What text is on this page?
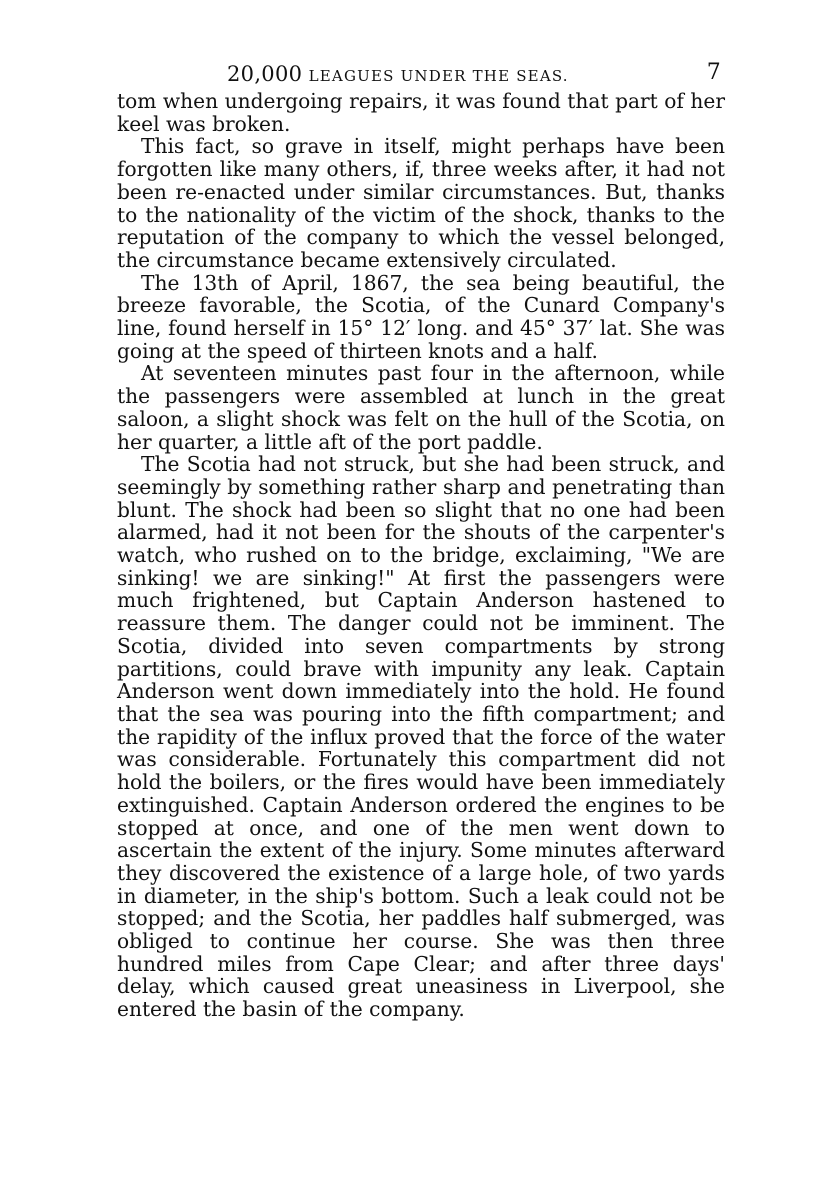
20,000 LEAGUES UNDER THE SEAS.	7

tom when undergoing repairs, it was found that part of her keel was broken.

This fact, so grave in itself, might perhaps have been forgotten like many others, if, three weeks after, it had not been re-enacted under similar circumstances. But, thanks to the nationality of the victim of the shock, thanks to the reputation of the company to which the vessel belonged, the circumstance became extensively circulated.

The 13th of April, 1867, the sea being beautiful, the breeze favorable, the Scotia, of the Cunard Company's line, found herself in 15° 12′ long. and 45° 37′ lat. She was going at the speed of thirteen knots and a half.

At seventeen minutes past four in the afternoon, while the passengers were assembled at lunch in the great saloon, a slight shock was felt on the hull of the Scotia, on her quarter, a little aft of the port paddle.

The Scotia had not struck, but she had been struck, and seemingly by something rather sharp and penetrating than blunt. The shock had been so slight that no one had been alarmed, had it not been for the shouts of the carpenter's watch, who rushed on to the bridge, exclaiming, "We are sinking! we are sinking!" At first the passengers were much frightened, but Captain Anderson hastened to reassure them. The danger could not be imminent. The Scotia, divided into seven compartments by strong partitions, could brave with impunity any leak. Captain Anderson went down immediately into the hold. He found that the sea was pouring into the fifth compartment; and the rapidity of the influx proved that the force of the water was considerable. Fortunately this compartment did not hold the boilers, or the fires would have been immediately extinguished. Captain Anderson ordered the engines to be stopped at once, and one of the men went down to ascertain the extent of the injury. Some minutes afterward they discovered the existence of a large hole, of two yards in diameter, in the ship's bottom. Such a leak could not be stopped; and the Scotia, her paddles half submerged, was obliged to continue her course. She was then three hundred miles from Cape Clear; and after three days' delay, which caused great uneasiness in Liverpool, she entered the basin of the company.
